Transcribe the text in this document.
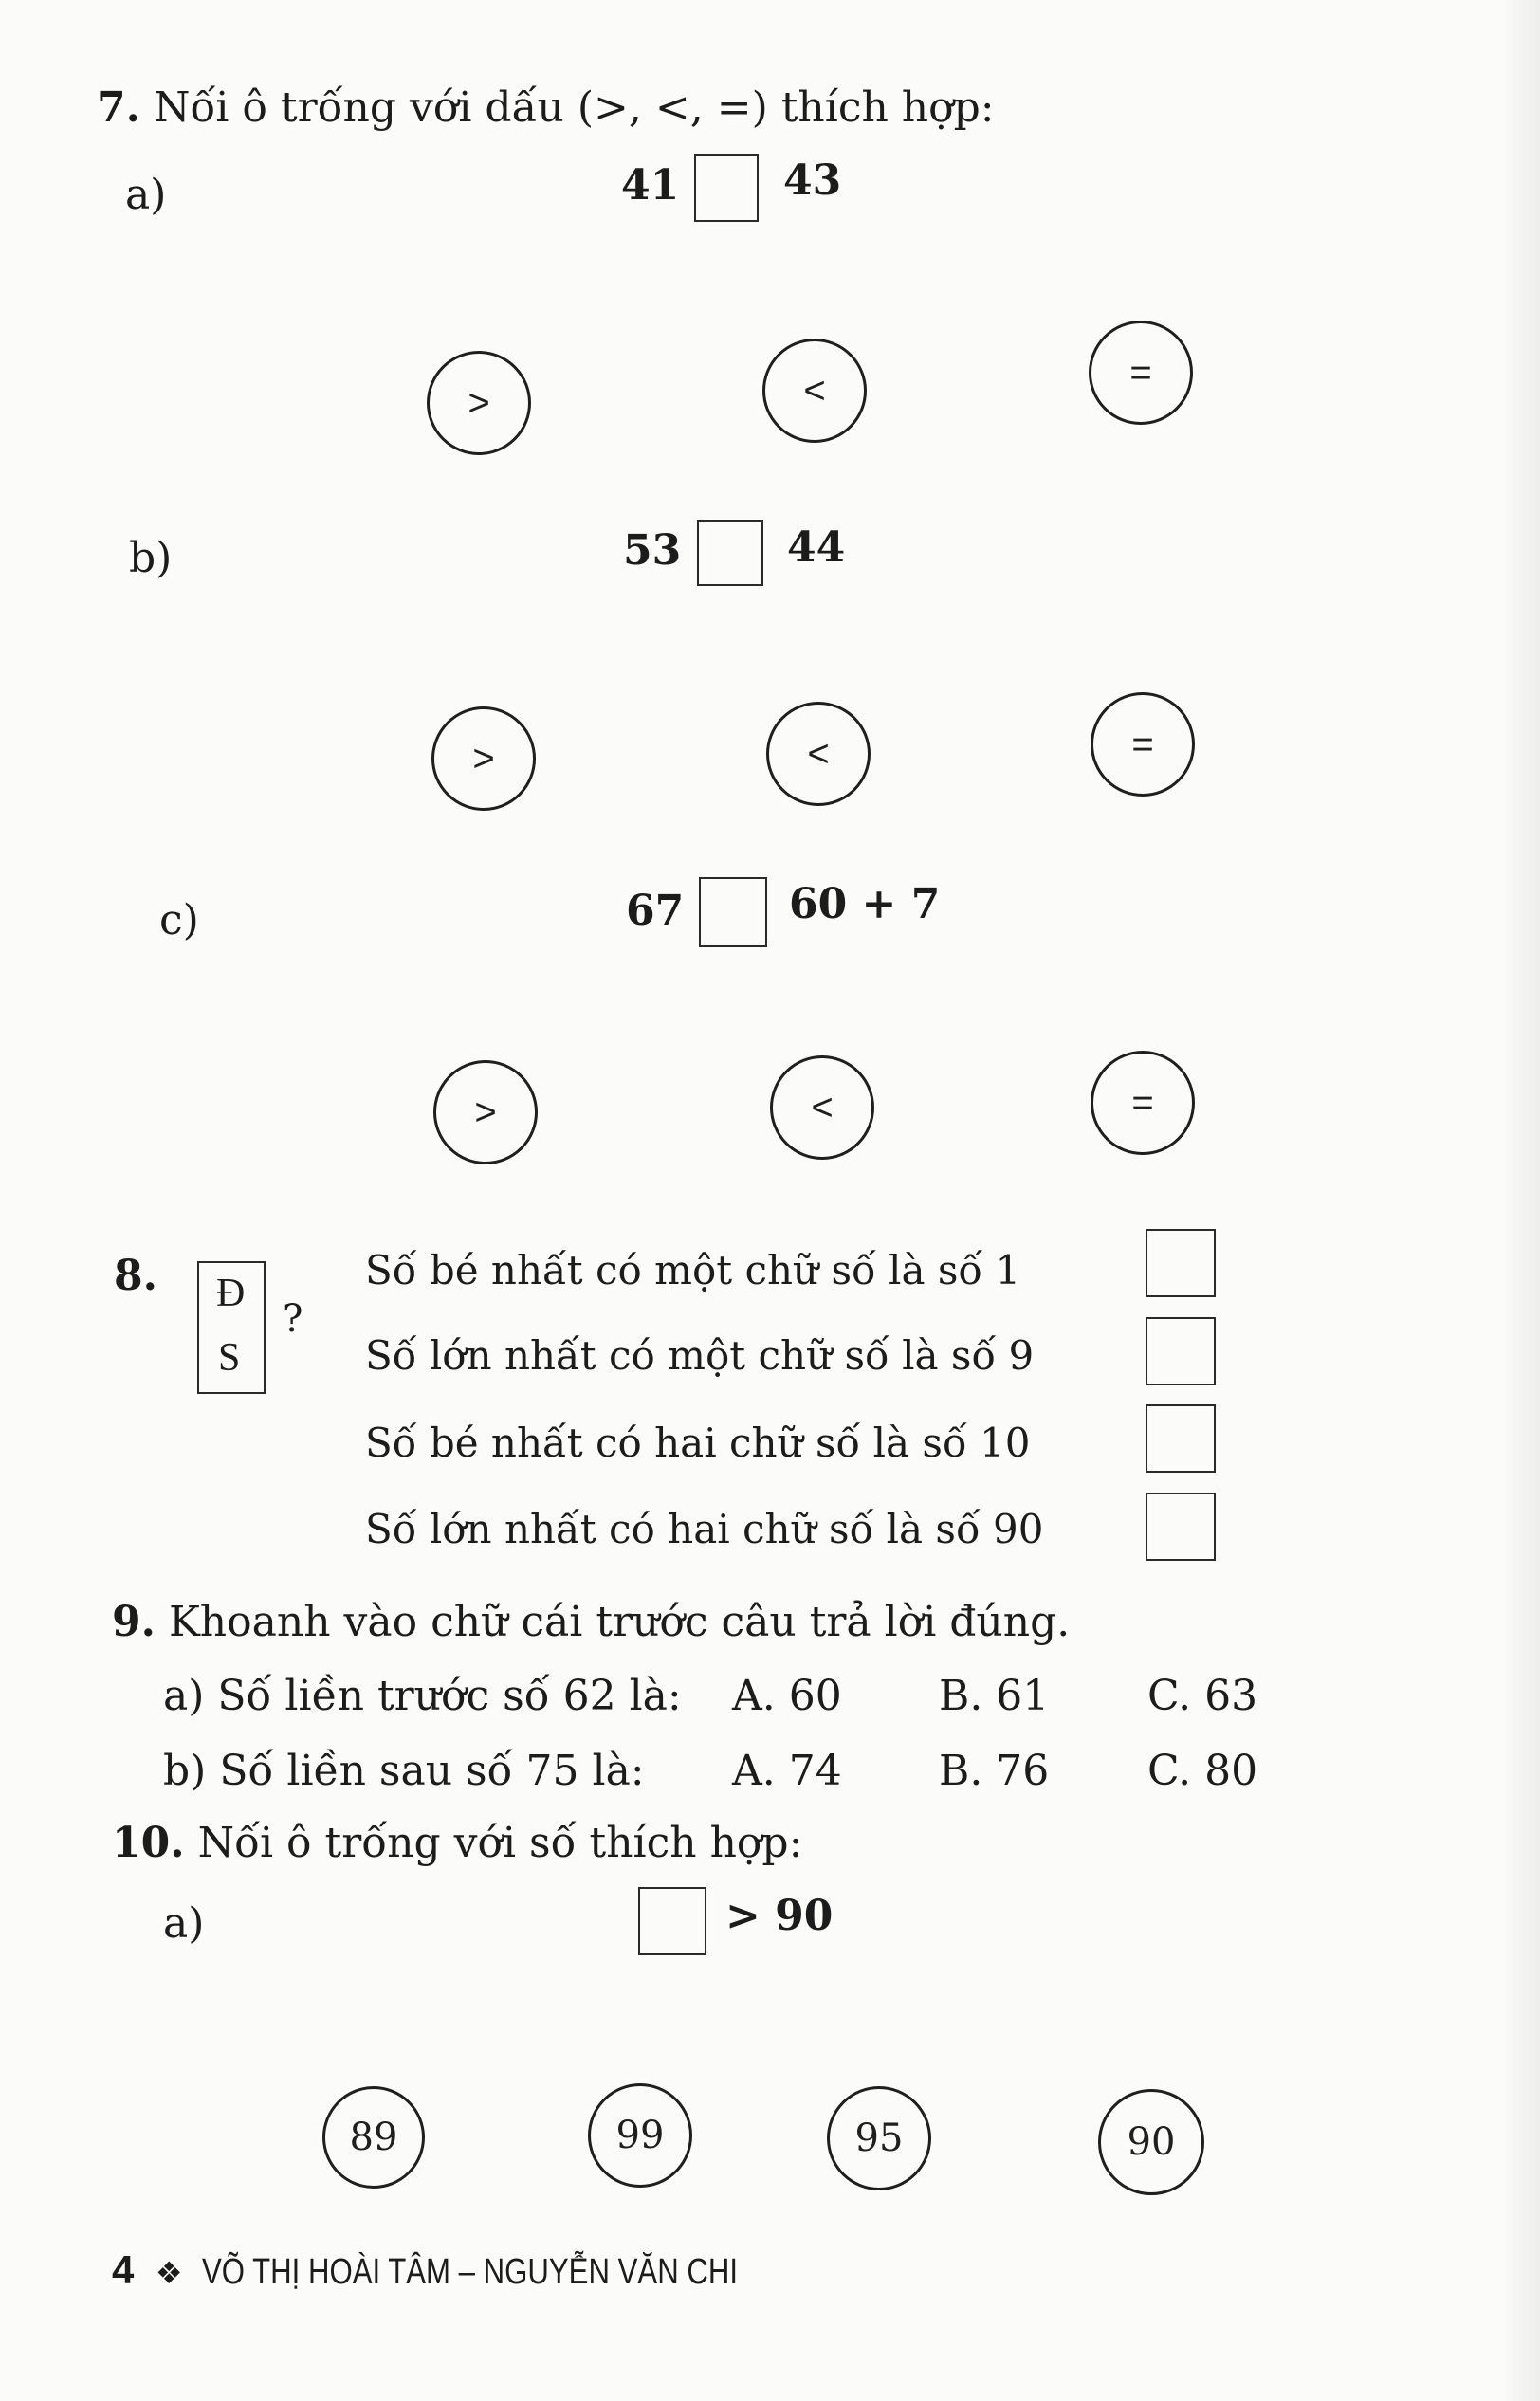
7. Nối ô trống với dấu (>, <, =) thích hợp:
a)	41 43
>	<	=
b)	53	44
>	<	=
c)	67	60 + 7
>	<	=
8. Đ
S
?
Số bé nhất có một chữ số là số 1
Số lớn nhất có một chữ số là số 9
Số bé nhất có hai chữ số là số 10
Số lớn nhất có hai chữ số là số 90
9. Khoanh vào chữ cái trước câu trả lời đúng.
a) Số liền trước số 62 là: A. 60 B. 61 C. 63
b) Số liền sau số 75 là: A. 74 B. 76 C. 80
10. Nối ô trống với số thích hợp:
a)	> 90
89	99	95	90
4 ❖ VÕ THỊ HOÀI TÂM – NGUYỄN VĂN CHI
